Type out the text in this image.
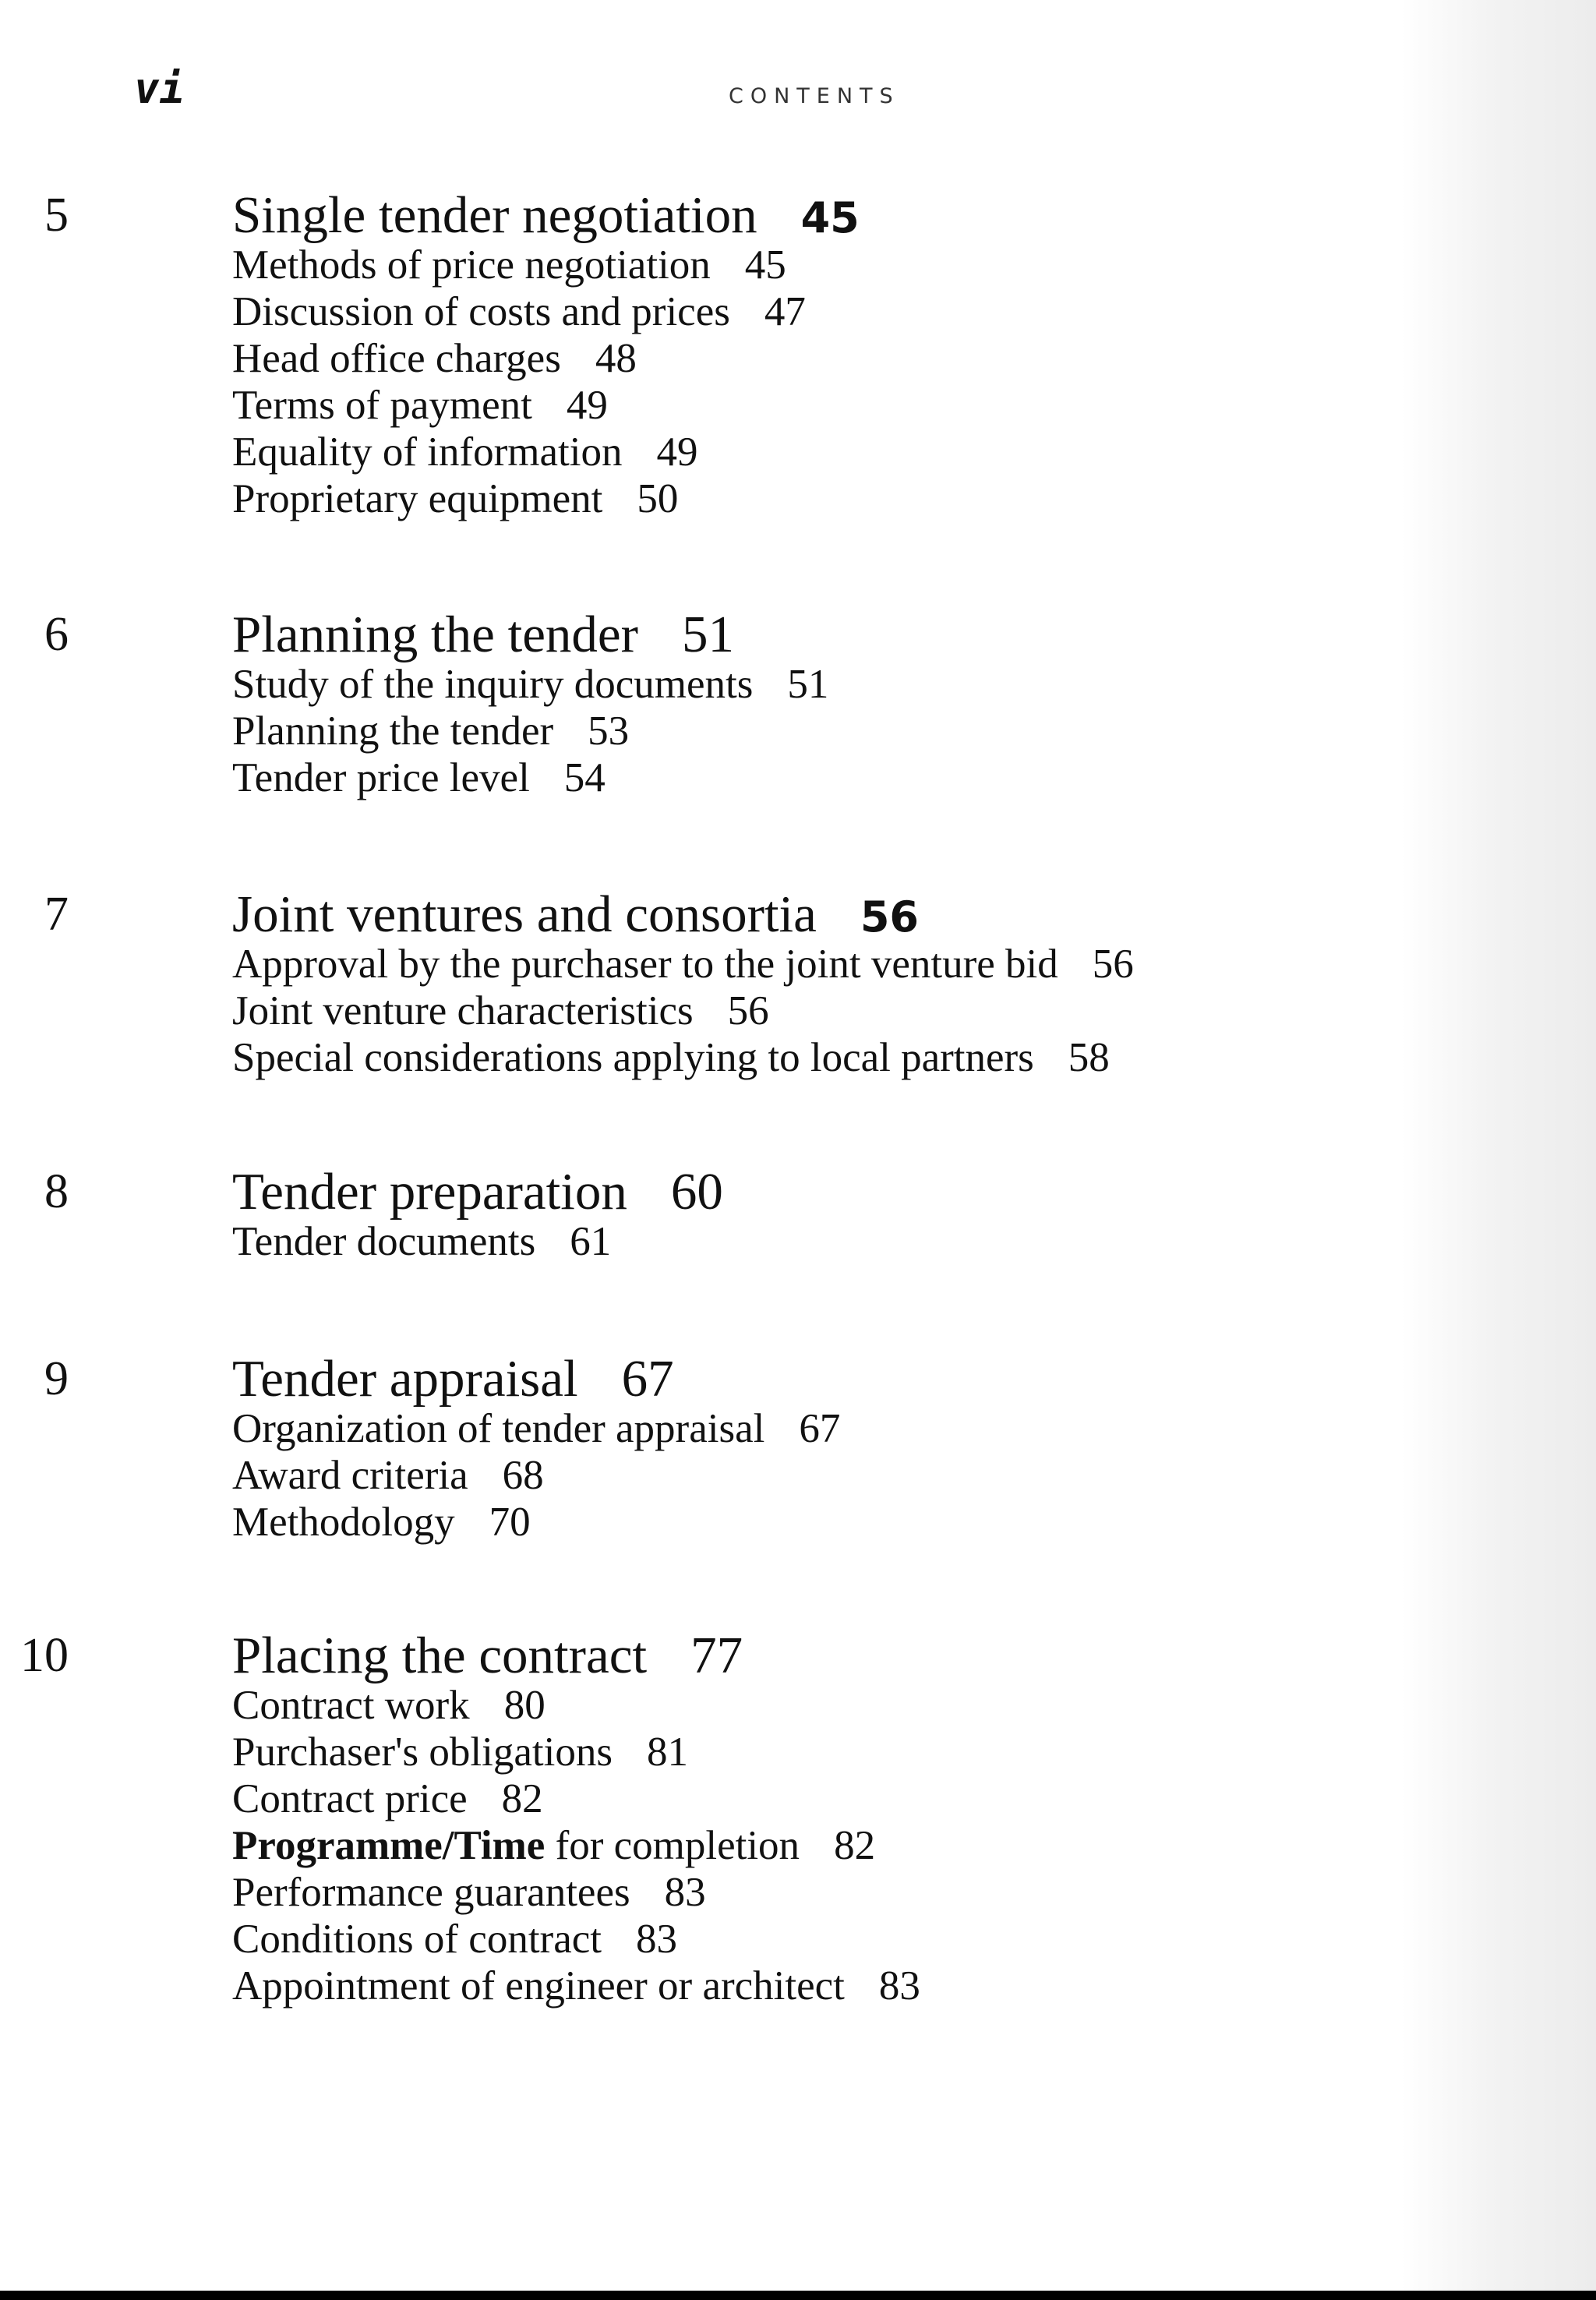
vi	CONTENTS
5	Single tender negotiation 45
Methods of price negotiation 45
Discussion of costs and prices 47
Head office charges 48
Terms of payment 49
Equality of information 49
Proprietary equipment 50
6	Planning the tender 51
Study of the inquiry documents 51
Planning the tender 53
Tender price level 54
7	Joint ventures and consortia 56
Approval by the purchaser to the joint venture bid 56
Joint venture characteristics 56
Special considerations applying to local partners 58
8	Tender preparation 60
Tender documents 61
9	Tender appraisal 67
Organization of tender appraisal 67
Award criteria 68
Methodology 70
10	Placing the contract 77
Contract work 80
Purchaser's obligations 81
Contract price 82
Programme/Time for completion 82
Performance guarantees 83
Conditions of contract 83
Appointment of engineer or architect 83
